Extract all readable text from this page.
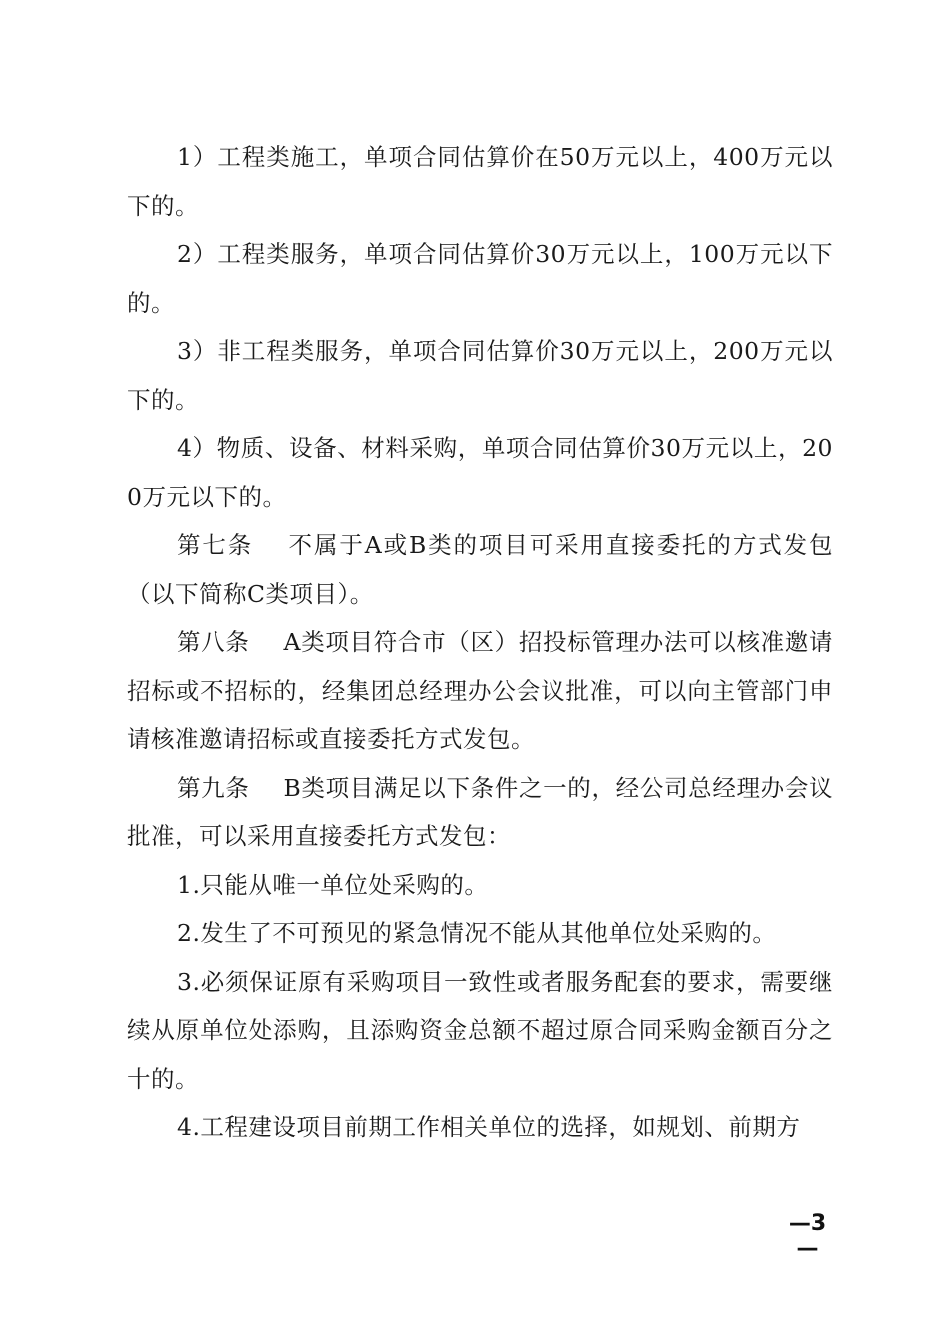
1）工程类施工，单项合同估算价在50万元以上，400万元以下的。

2）工程类服务，单项合同估算价30万元以上，100万元以下的。

3）非工程类服务，单项合同估算价30万元以上，200万元以下的。

4）物质、设备、材料采购，单项合同估算价30万元以上，200万元以下的。

第七条 不属于A或B类的项目可采用直接委托的方式发包（以下简称C类项目）。

第八条 A类项目符合市（区）招投标管理办法可以核准邀请招标或不招标的，经集团总经理办公会议批准，可以向主管部门申请核准邀请招标或直接委托方式发包。

第九条 B类项目满足以下条件之一的，经公司总经理办会议批准，可以采用直接委托方式发包：

1.只能从唯一单位处采购的。

2.发生了不可预见的紧急情况不能从其他单位处采购的。

3.必须保证原有采购项目一致性或者服务配套的要求，需要继续从原单位处添购，且添购资金总额不超过原合同采购金额百分之十的。

4.工程建设项目前期工作相关单位的选择，如规划、前期方

—3—
